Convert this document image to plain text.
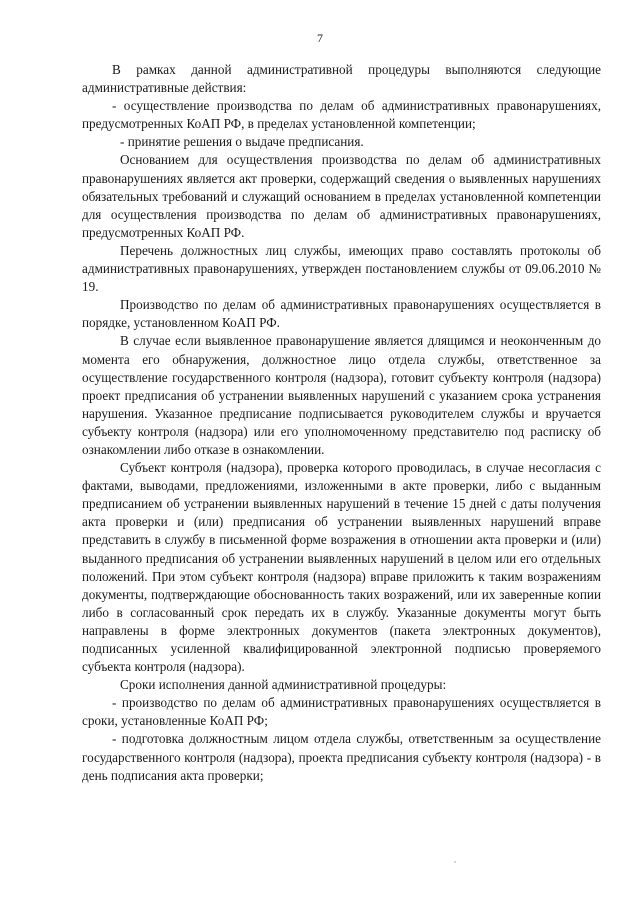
7

В рамках данной административной процедуры выполняются следующие административные действия:

- осуществление производства по делам об административных правонарушениях, предусмотренных КоАП РФ, в пределах установленной компетенции;

- принятие решения о выдаче предписания.

Основанием для осуществления производства по делам об административных правонарушениях является акт проверки, содержащий сведения о выявленных нарушениях обязательных требований и служащий основанием в пределах установленной компетенции для осуществления производства по делам об административных правонарушениях, предусмотренных КоАП РФ.

Перечень должностных лиц службы, имеющих право составлять протоколы об административных правонарушениях, утвержден постановлением службы от 09.06.2010 № 19.

Производство по делам об административных правонарушениях осуществляется в порядке, установленном КоАП РФ.

В случае если выявленное правонарушение является длящимся и неоконченным до момента его обнаружения, должностное лицо отдела службы, ответственное за осуществление государственного контроля (надзора), готовит субъекту контроля (надзора) проект предписания об устранении выявленных нарушений с указанием срока устранения нарушения. Указанное предписание подписывается руководителем службы и вручается субъекту контроля (надзора) или его уполномоченному представителю под расписку об ознакомлении либо отказе в ознакомлении.

Субъект контроля (надзора), проверка которого проводилась, в случае несогласия с фактами, выводами, предложениями, изложенными в акте проверки, либо с выданным предписанием об устранении выявленных нарушений в течение 15 дней с даты получения акта проверки и (или) предписания об устранении выявленных нарушений вправе представить в службу в письменной форме возражения в отношении акта проверки и (или) выданного предписания об устранении выявленных нарушений в целом или его отдельных положений. При этом субъект контроля (надзора) вправе приложить к таким возражениям документы, подтверждающие обоснованность таких возражений, или их заверенные копии либо в согласованный срок передать их в службу. Указанные документы могут быть направлены в форме электронных документов (пакета электронных документов), подписанных усиленной квалифицированной электронной подписью проверяемого субъекта контроля (надзора).

Сроки исполнения данной административной процедуры:

- производство по делам об административных правонарушениях осуществляется в сроки, установленные КоАП РФ;

- подготовка должностным лицом отдела службы, ответственным за осуществление государственного контроля (надзора), проекта предписания субъекту контроля (надзора) - в день подписания акта проверки;
